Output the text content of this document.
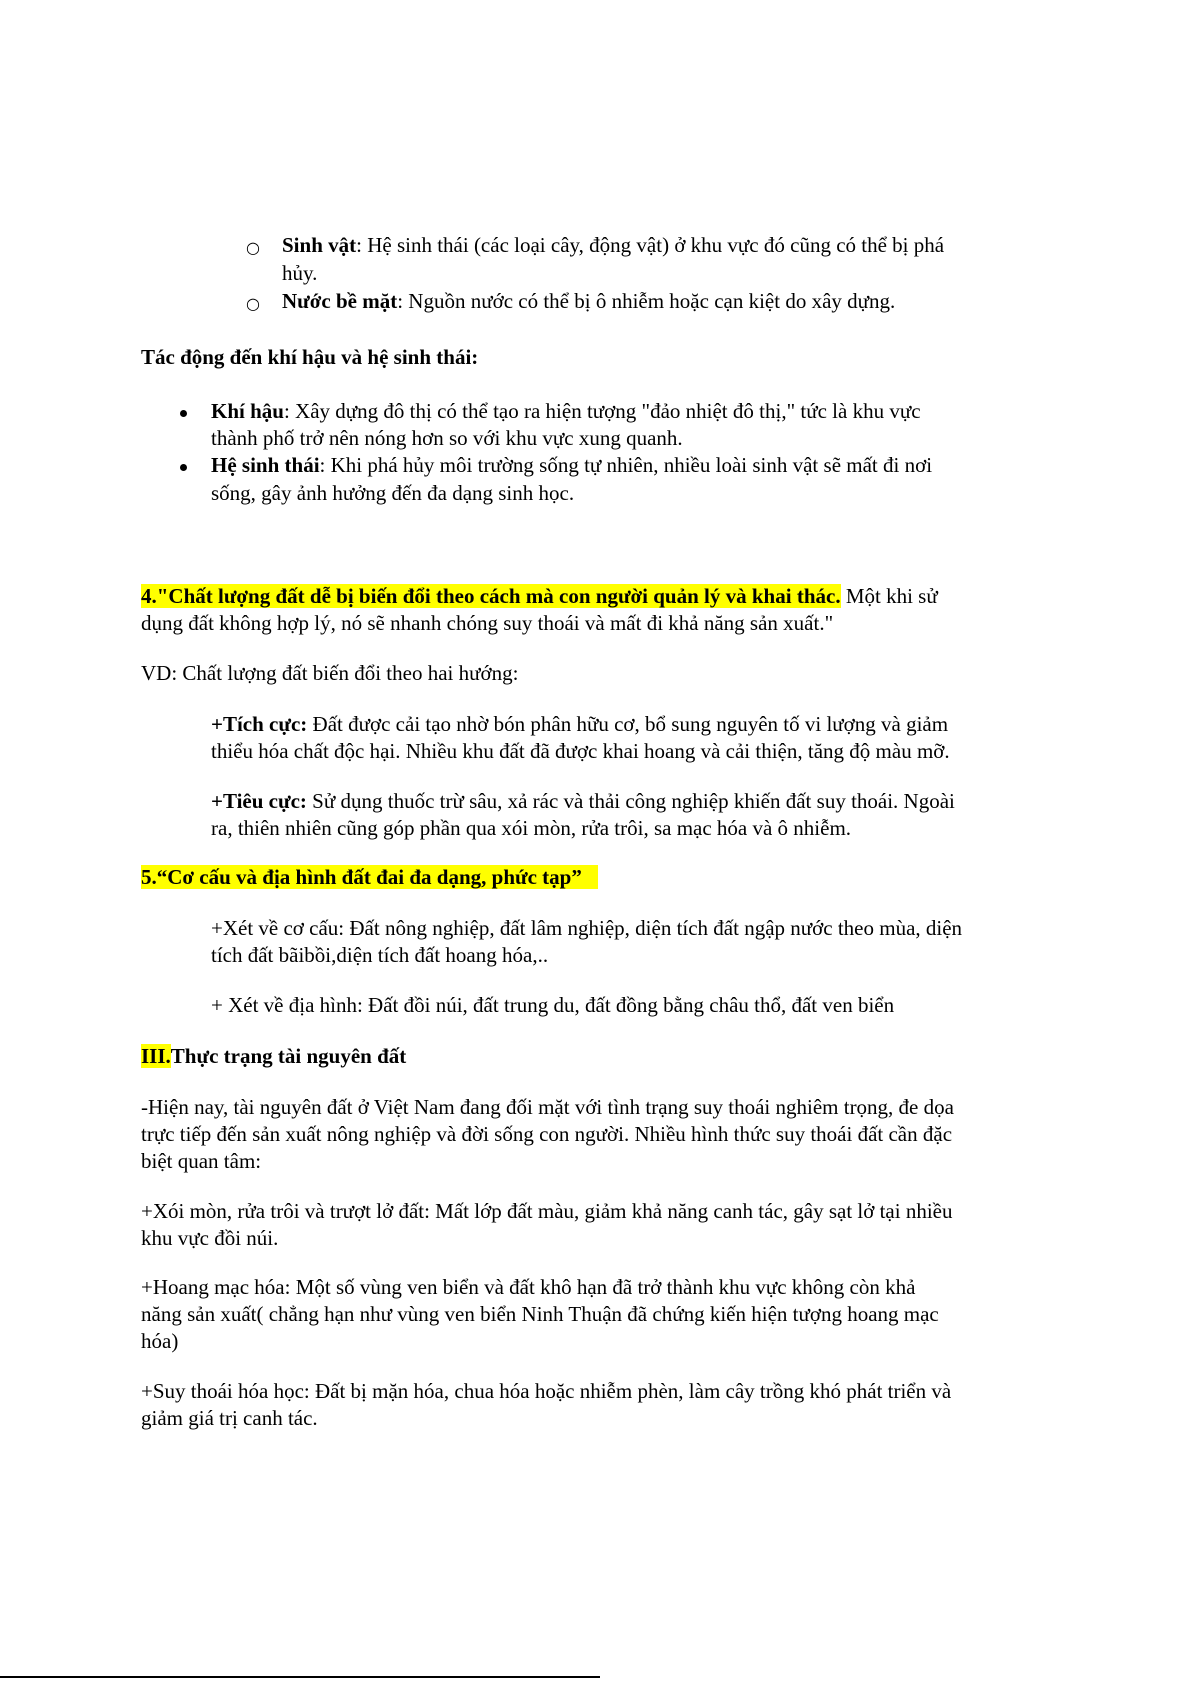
○ Sinh vật: Hệ sinh thái (các loại cây, động vật) ở khu vực đó cũng có thể bị phá
hủy.
○ Nước bề mặt: Nguồn nước có thể bị ô nhiễm hoặc cạn kiệt do xây dựng.
Tác động đến khí hậu và hệ sinh thái:
Khí hậu: Xây dựng đô thị có thể tạo ra hiện tượng "đảo nhiệt đô thị," tức là khu vực
thành phố trở nên nóng hơn so với khu vực xung quanh.
Hệ sinh thái: Khi phá hủy môi trường sống tự nhiên, nhiều loài sinh vật sẽ mất đi nơi
sống, gây ảnh hưởng đến đa dạng sinh học.
4."Chất lượng đất dễ bị biến đổi theo cách mà con người quản lý và khai thác. Một khi sử
dụng đất không hợp lý, nó sẽ nhanh chóng suy thoái và mất đi khả năng sản xuất."
VD: Chất lượng đất biến đổi theo hai hướng:
+Tích cực: Đất được cải tạo nhờ bón phân hữu cơ, bổ sung nguyên tố vi lượng và giảm
thiểu hóa chất độc hại. Nhiều khu đất đã được khai hoang và cải thiện, tăng độ màu mỡ.
+Tiêu cực: Sử dụng thuốc trừ sâu, xả rác và thải công nghiệp khiến đất suy thoái. Ngoài
ra, thiên nhiên cũng góp phần qua xói mòn, rửa trôi, sa mạc hóa và ô nhiễm.
5.“Cơ cấu và địa hình đất đai đa dạng, phức tạp”
+Xét về cơ cấu: Đất nông nghiệp, đất lâm nghiệp, diện tích đất ngập nước theo mùa, diện
tích đất bãibồi,diện tích đất hoang hóa,..
+ Xét về địa hình: Đất đồi núi, đất trung du, đất đồng bằng châu thổ, đất ven biển
III.Thực trạng tài nguyên đất
-Hiện nay, tài nguyên đất ở Việt Nam đang đối mặt với tình trạng suy thoái nghiêm trọng, đe dọa
trực tiếp đến sản xuất nông nghiệp và đời sống con người. Nhiều hình thức suy thoái đất cần đặc
biệt quan tâm:
+Xói mòn, rửa trôi và trượt lở đất: Mất lớp đất màu, giảm khả năng canh tác, gây sạt lở tại nhiều
khu vực đồi núi.
+Hoang mạc hóa: Một số vùng ven biển và đất khô hạn đã trở thành khu vực không còn khả
năng sản xuất( chẳng hạn như vùng ven biển Ninh Thuận đã chứng kiến hiện tượng hoang mạc
hóa)
+Suy thoái hóa học: Đất bị mặn hóa, chua hóa hoặc nhiễm phèn, làm cây trồng khó phát triển và
giảm giá trị canh tác.
